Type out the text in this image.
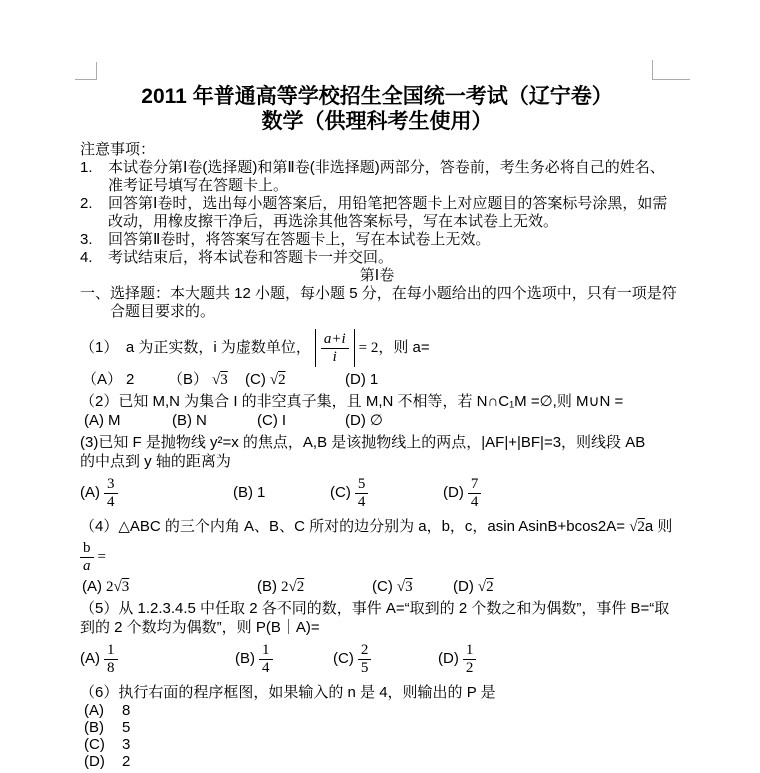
2011 年普通高等学校招生全国统一考试（辽宁卷）
数学（供理科考生使用）
注意事项：
1.	本试卷分第Ⅰ卷(选择题)和第Ⅱ卷(非选择题)两部分，答卷前，考生务必将自己的姓名、
准考证号填写在答题卡上。
2.	回答第Ⅰ卷时，选出每小题答案后，用铅笔把答题卡上对应题目的答案标号涂黑，如需
改动，用橡皮擦干净后，再选涂其他答案标号，写在本试卷上无效。
3.	回答第Ⅱ卷时，将答案写在答题卡上，写在本试卷上无效。
4.	考试结束后，将本试卷和答题卡一并交回。
第Ⅰ卷
一、选择题：本大题共 12 小题，每小题 5 分，在每小题给出的四个选项中，只有一项是符
合题目要求的。
（1）　a 为正实数，i 为虚数单位， $\frac{a+i}{i} = 2$ ，则 a=
（A） 2 （B） √3 (C) √2	(D) 1
（2）已知 M,N 为集合 I 的非空真子集，且 M,N 不相等，若 N∩C₁M =∅,则 M∪N =
(A) M	(B) N	(C) I	(D) ∅
(3)已知 F 是抛物线 y²=x 的焦点，A,B 是该抛物线上的两点，|AF|+|BF|=3，则线段 AB
的中点到 y 轴的距离为
$(A) \frac{3}{4}$	(B) 1	$(C) \frac{5}{4}$	$(D) \frac{7}{4}$
（4）△ABC 的三个内角 A、B、C 所对的边分别为 a，b，c，asin AsinB+bcos2A= √2a 则
$\frac{b}{a}$ =
(A) 2√3	(B) 2√2	(C) √3	(D) √2
（5）从 1.2.3.4.5 中任取 2 各不同的数，事件 A=“取到的 2 个数之和为偶数”，事件 B=“取
到的 2 个数均为偶数”，则 P(B｜A)=
$(A) \frac{1}{8}$	$(B) \frac{1}{4}$	$(C) \frac{2}{5}$	$(D) \frac{1}{2}$
（6）执行右面的程序框图，如果输入的 n 是 4，则输出的 P 是
(A)	8
(B)	5
(C)	3
(D)	2
